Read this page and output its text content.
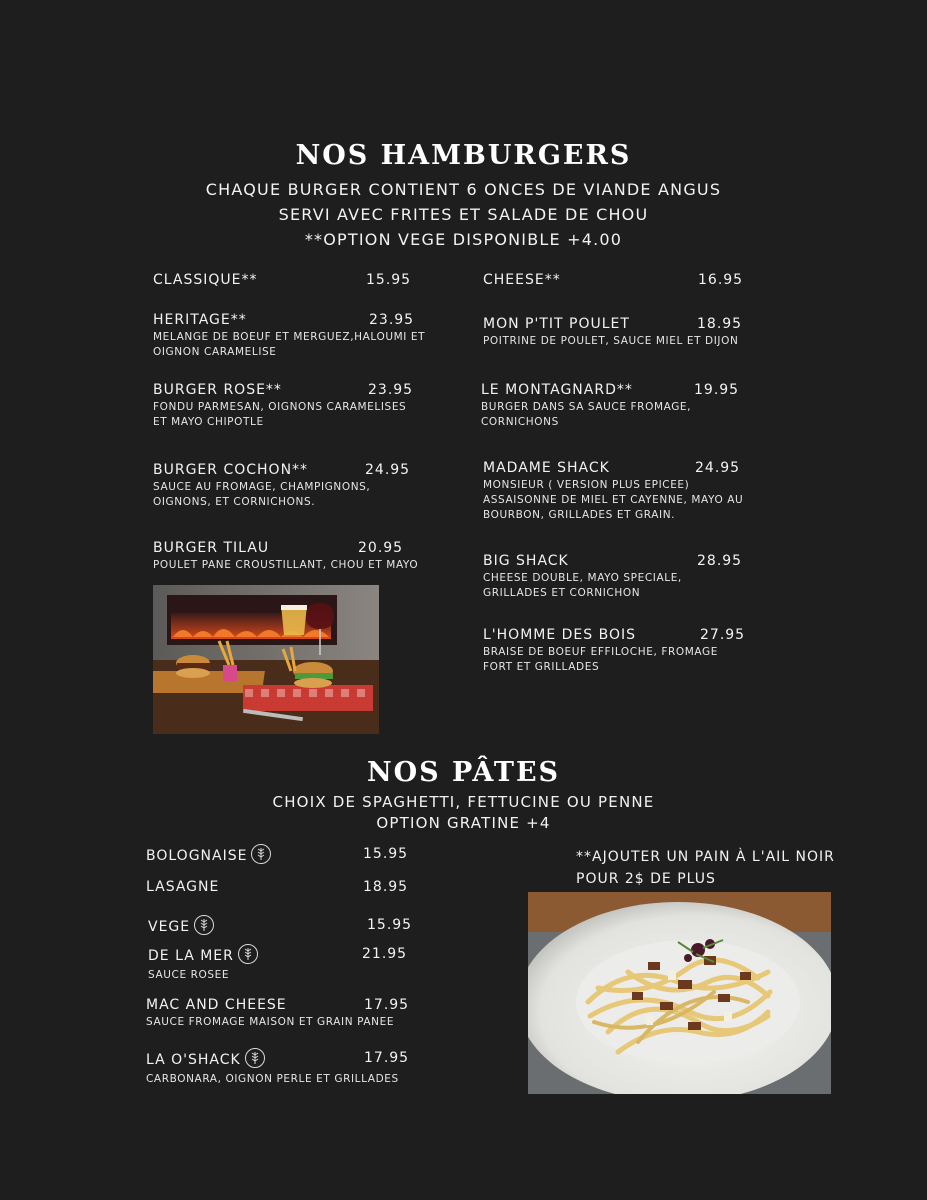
NOS HAMBURGERS
CHAQUE BURGER CONTIENT 6 ONCES DE VIANDE ANGUS
SERVI AVEC FRITES ET SALADE DE CHOU
**OPTION VEGE DISPONIBLE +4.00
CLASSIQUE**	15.95
HERITAGE**	23.95
MELANGE DE BOEUF ET MERGUEZ,HALOUMI ET OIGNON CARAMELISE
BURGER ROSE**	23.95
FONDU PARMESAN, OIGNONS CARAMELISES ET MAYO CHIPOTLE
BURGER COCHON**	24.95
SAUCE AU FROMAGE, CHAMPIGNONS, OIGNONS, ET CORNICHONS.
BURGER TILAU	20.95
POULET PANE CROUSTILLANT, CHOU ET MAYO
CHEESE**	16.95
MON P'TIT POULET	18.95
POITRINE DE POULET, SAUCE MIEL ET DIJON
LE MONTAGNARD**	19.95
BURGER DANS SA SAUCE FROMAGE, CORNICHONS
MADAME SHACK	24.95
MONSIEUR ( VERSION PLUS EPICEE) ASSAISONNE DE MIEL ET CAYENNE, MAYO AU BOURBON, GRILLADES ET GRAIN.
BIG SHACK	28.95
CHEESE DOUBLE, MAYO SPECIALE, GRILLADES ET CORNICHON
L'HOMME DES BOIS	27.95
BRAISE DE BOEUF EFFILOCHE, FROMAGE FORT ET GRILLADES
NOS PÂTES
CHOIX DE SPAGHETTI, FETTUCINE OU PENNE
OPTION GRATINE +4
BOLOGNAISE	15.95
LASAGNE	18.95
VEGE	15.95
DE LA MER	21.95
SAUCE ROSEE
MAC AND CHEESE	17.95
SAUCE FROMAGE MAISON ET GRAIN PANEE
LA O'SHACK	17.95
CARBONARA, OIGNON PERLE ET GRILLADES
**AJOUTER UN PAIN À L'AIL NOIR
POUR 2$ DE PLUS
